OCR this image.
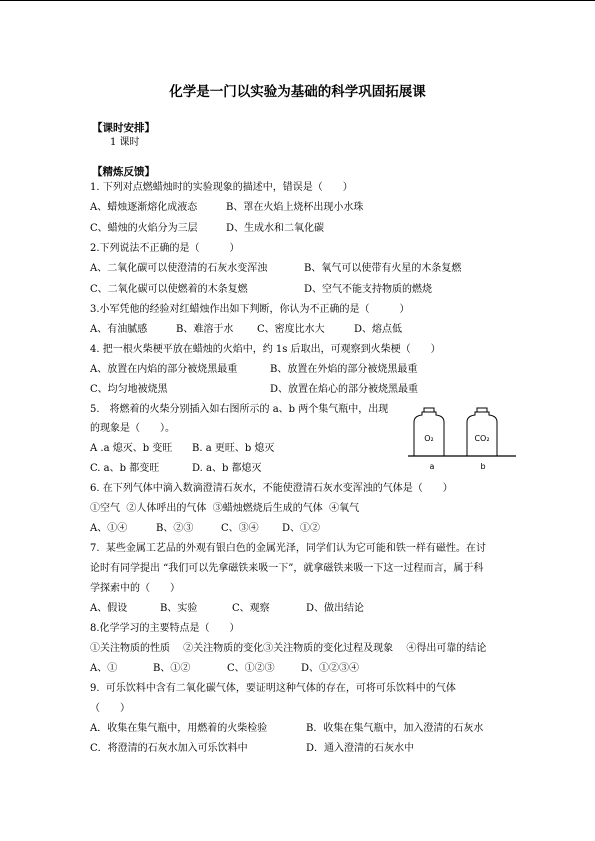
化学是一门以实验为基础的科学巩固拓展课
【课时安排】
1 课时
【精炼反馈】
1. 下列对点燃蜡烛时的实验现象的描述中，错误是（　　）
A、蜡烛逐渐熔化成液态	B、罩在火焰上烧杯出现小水珠
C、蜡烛的火焰分为三层	D、生成水和二氧化碳
2.下列说法不正确的是（　　　）
A、二氧化碳可以使澄清的石灰水变浑浊	B、氧气可以使带有火星的木条复燃
C、二氧化碳可以使燃着的木条复燃	D、空气不能支持物质的燃烧
3.小军凭他的经验对红蜡烛作出如下判断，你认为不正确的是（　　　）
A、有油腻感	B、难溶于水 C、密度比水大	D、熔点低
4. 把一根火柴梗平放在蜡烛的火焰中，约 1s 后取出，可观察到火柴梗（　　）
A、放置在内焰的部分被烧黑最重	B、放置在外焰的部分被烧黑最重
C、均匀地被烧黑	D、放置在焰心的部分被烧黑最重
5.　将燃着的火柴分别插入如右图所示的 a、b 两个集气瓶中，出现
的现象是（　　）。
A .a 熄灭、b 变旺 B. a 更旺、b 熄灭
C. a、b 都变旺	D. a、b 都熄灭
O₂	CO₂
a	b
6. 在下列气体中滴入数滴澄清石灰水，不能使澄清石灰水变浑浊的气体是（　　）
①空气  ②人体呼出的气体  ③蜡烛燃烧后生成的气体  ④氧气
A、①④	B、②③	C、③④ D、①②
7.  某些金属工艺品的外观有银白色的金属光泽，同学们认为它可能和铁一样有磁性。在讨
论时有同学提出 “我们可以先拿磁铁来吸一下”，就拿磁铁来吸一下这一过程而言，属于科
学探索中的（　　）
A、假设	B、实验	C、观察	D、做出结论
8.化学学习的主要特点是（　　）
①关注物质的性质　 ②关注物质的变化③关注物质的变化过程及现象　 ④得出可靠的结论
A、①	B、①②	C、①②③	D、①②③④
9.  可乐饮料中含有二氧化碳气体，要证明这种气体的存在，可将可乐饮料中的气体
（　　）
A．收集在集气瓶中，用燃着的火柴检验	B．收集在集气瓶中，加入澄清的石灰水
C．将澄清的石灰水加入可乐饮料中	D．通入澄清的石灰水中
